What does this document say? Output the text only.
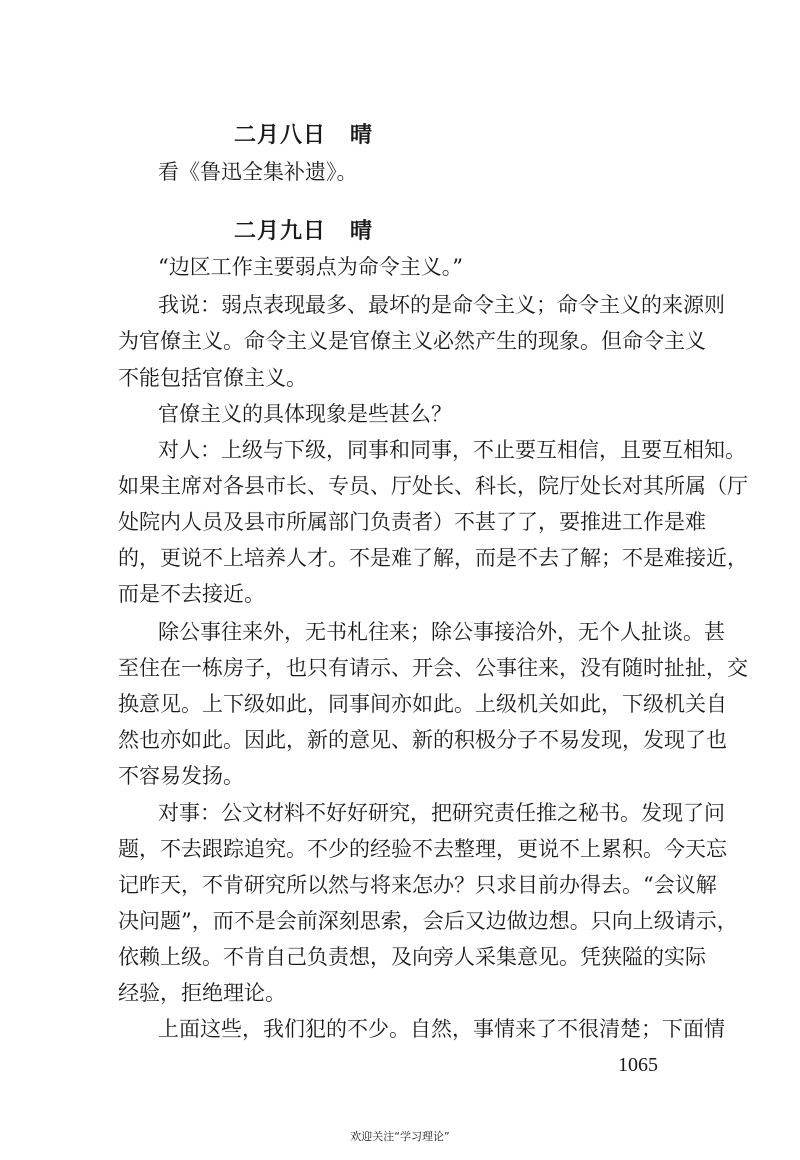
二月八日 晴
看《鲁迅全集补遗》。
二月九日 晴
“边区工作主要弱点为命令主义。”
我说：弱点表现最多、最坏的是命令主义；命令主义的来源则
为官僚主义。命令主义是官僚主义必然产生的现象。但命令主义
不能包括官僚主义。
官僚主义的具体现象是些甚么？
对人：上级与下级，同事和同事，不止要互相信，且要互相知。
如果主席对各县市长、专员、厅处长、科长，院厅处长对其所属（厅
处院内人员及县市所属部门负责者）不甚了了，要推进工作是难
的，更说不上培养人才。不是难了解，而是不去了解；不是难接近，
而是不去接近。
除公事往来外，无书札往来；除公事接洽外，无个人扯谈。甚
至住在一栋房子，也只有请示、开会、公事往来，没有随时扯扯，交
换意见。上下级如此，同事间亦如此。上级机关如此，下级机关自
然也亦如此。因此，新的意见、新的积极分子不易发现，发现了也
不容易发扬。
对事：公文材料不好好研究，把研究责任推之秘书。发现了问
题，不去跟踪追究。不少的经验不去整理，更说不上累积。今天忘
记昨天，不肯研究所以然与将来怎办？只求目前办得去。“会议解
决问题”，而不是会前深刻思索，会后又边做边想。只向上级请示，
依赖上级。不肯自己负责想，及向旁人采集意见。凭狭隘的实际
经验，拒绝理论。
上面这些，我们犯的不少。自然，事情来了不很清楚；下面情
1065
欢迎关注“学习理论”
